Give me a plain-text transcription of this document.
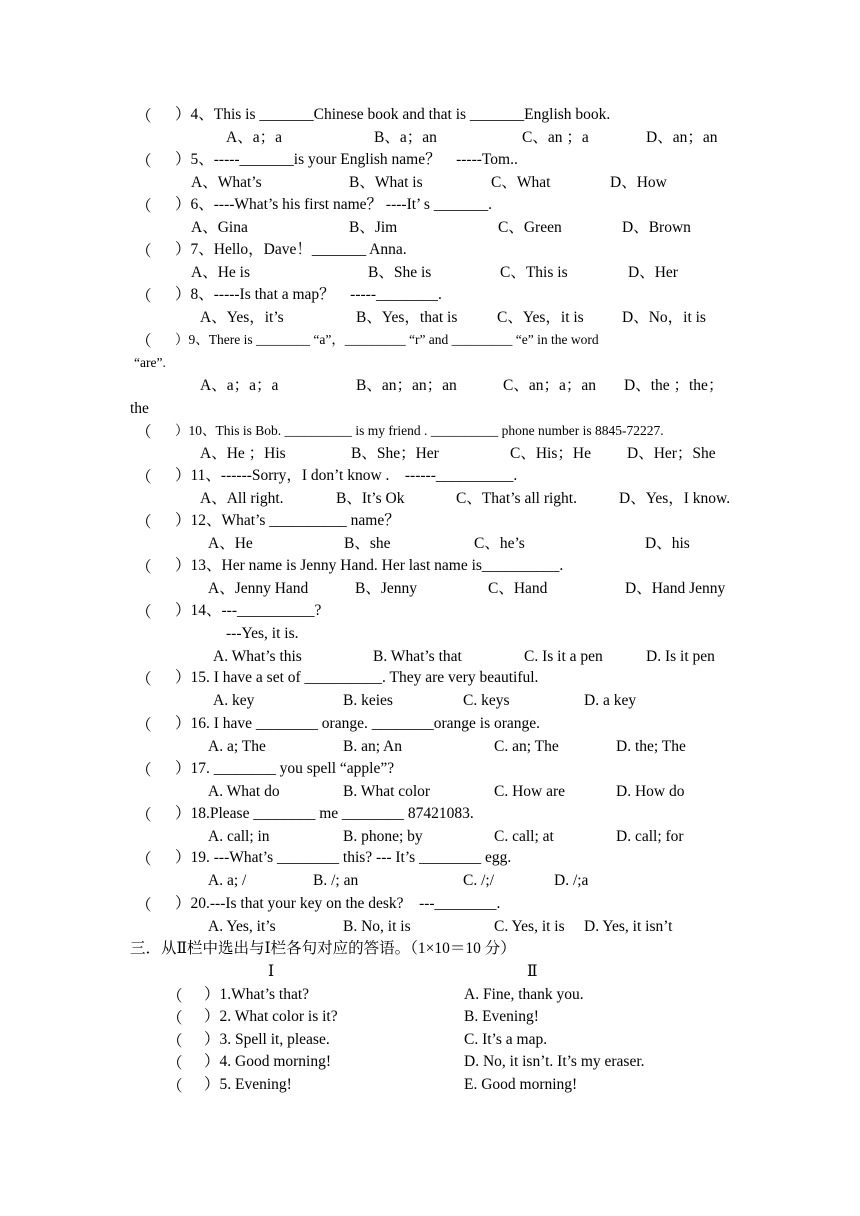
（ ）4、This is _______Chinese book and that is _______English book.
A、a；a	B、a；an	C、an ；a	D、an；an
（ ）5、-----_______is your English name？　-----Tom..
A、What’s	B、What is	C、What	D、How
（ ）6、----What’s his first name？ ----It’ s _______.
A、Gina	B、Jim	C、Green	D、Brown
（ ）7、Hello，Dave！_______ Anna.
A、He is	B、She is	C、This is	D、Her
（ ）8、-----Is that a map？　-----________.
A、Yes，it’s	B、Yes，that is	C、Yes，it is D、No，it is
（ ）9、There is ________ “a”，_________ “r” and _________ “e” in the word
“are”.
A、a；a；a	B、an；an；an	C、an；a；an D、the ；the；
the
（ ）10、This is Bob. __________ is my friend . __________ phone number is 8845-72227.
A、He ；His	B、She；Her	C、His；He D、Her；She
（ ）11、------Sorry，I don’t know .　------__________.
A、All right.	B、It’s Ok	C、That’s all right.	D、Yes，I know.
（ ）12、What’s __________ name？
A、He	B、she	C、he’s	D、his
（ ）13、Her name is Jenny Hand. Her last name is__________.
A、Jenny Hand	B、Jenny	C、Hand	D、Hand Jenny
（ ）14、---__________?
---Yes, it is.
A. What’s this	B. What’s that	C. Is it a pen	D. Is it pen
（ ）15. I have a set of __________. They are very beautiful.
A. key	B. keies	C. keys	D. a key
（ ）16. I have ________ orange. ________orange is orange.
A. a; The	B. an; An	C. an; The	D. the; The
（ ）17. ________ you spell “apple”?
A. What do	B. What color	C. How are	D. How do
（ ）18.Please ________ me ________ 87421083.
A. call; in	B. phone; by	C. call; at	D. call; for
（ ）19. ---What’s ________ this? --- It’s ________ egg.
A. a; /	B. /; an	C. /;/	D. /;a
（ ）20.---Is that your key on the desk?　---________.
A. Yes, it’s	B. No, it is	C. Yes, it is D. Yes, it isn’t
三．从Ⅱ栏中选出与Ⅰ栏各句对应的答语。（1×10＝10 分）
Ⅰ	Ⅱ
（ ）1.What’s that?	A. Fine, thank you.
（ ）2. What color is it?	B. Evening!
（ ）3. Spell it, please.	C. It’s a map.
（ ）4. Good morning!	D. No, it isn’t. It’s my eraser.
（ ）5. Evening!	E. Good morning!
